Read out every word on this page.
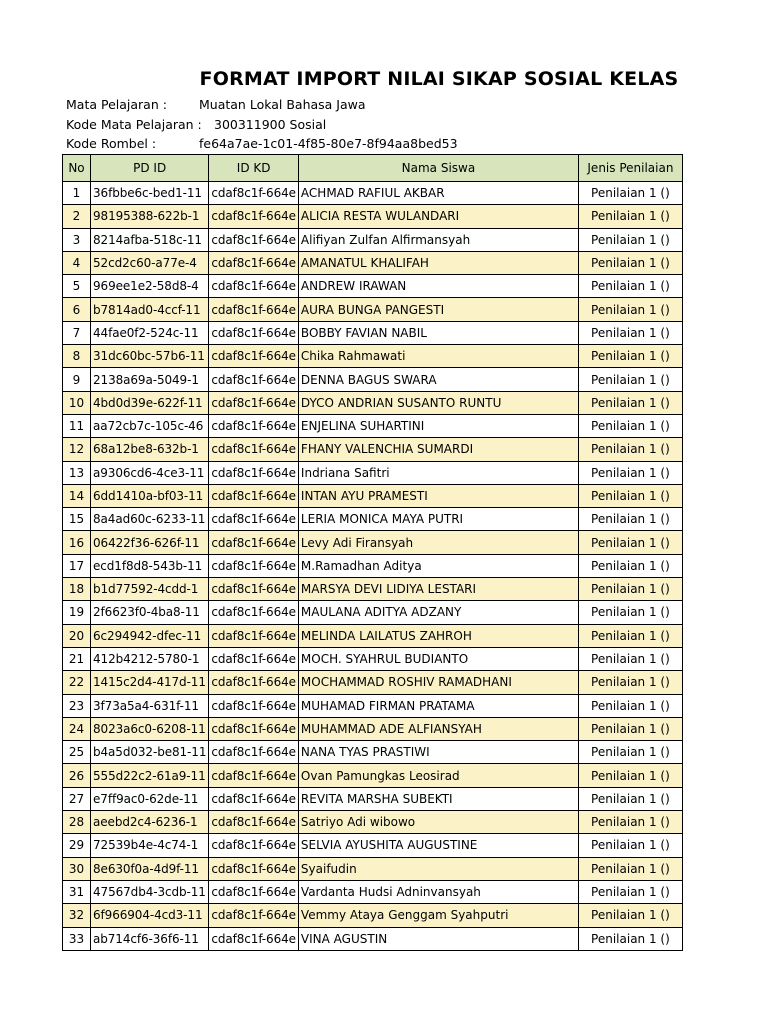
FORMAT IMPORT NILAI SIKAP SOSIAL KELAS
Mata Pelajaran :	Muatan Lokal Bahasa Jawa
Kode Mata Pelajaran : 300311900 Sosial
Kode Rombel :	fe64a7ae-1c01-4f85-80e7-8f94aa8bed53
No	PD ID	ID KD	Nama Siswa	Jenis Penilaian
1	36fbbe6c-bed1-11	cdaf8c1f-664e	ACHMAD RAFIUL AKBAR	Penilaian 1 ()
2	98195388-622b-1	cdaf8c1f-664e	ALICIA RESTA WULANDARI	Penilaian 1 ()
3	8214afba-518c-11	cdaf8c1f-664e	Alifiyan Zulfan Alfirmansyah	Penilaian 1 ()
4	52cd2c60-a77e-4	cdaf8c1f-664e	AMANATUL KHALIFAH	Penilaian 1 ()
5	969ee1e2-58d8-4	cdaf8c1f-664e	ANDREW IRAWAN	Penilaian 1 ()
6	b7814ad0-4ccf-11	cdaf8c1f-664e	AURA BUNGA PANGESTI	Penilaian 1 ()
7	44fae0f2-524c-11	cdaf8c1f-664e	BOBBY FAVIAN NABIL	Penilaian 1 ()
8	31dc60bc-57b6-11	cdaf8c1f-664e	Chika Rahmawati	Penilaian 1 ()
9	2138a69a-5049-1	cdaf8c1f-664e	DENNA BAGUS SWARA	Penilaian 1 ()
10	4bd0d39e-622f-11	cdaf8c1f-664e	DYCO ANDRIAN SUSANTO RUNTU	Penilaian 1 ()
11	aa72cb7c-105c-46	cdaf8c1f-664e	ENJELINA SUHARTINI	Penilaian 1 ()
12	68a12be8-632b-1	cdaf8c1f-664e	FHANY VALENCHIA SUMARDI	Penilaian 1 ()
13	a9306cd6-4ce3-11	cdaf8c1f-664e	Indriana Safitri	Penilaian 1 ()
14	6dd1410a-bf03-11	cdaf8c1f-664e	INTAN AYU PRAMESTI	Penilaian 1 ()
15	8a4ad60c-6233-11	cdaf8c1f-664e	LERIA MONICA MAYA PUTRI	Penilaian 1 ()
16	06422f36-626f-11	cdaf8c1f-664e	Levy Adi Firansyah	Penilaian 1 ()
17	ecd1f8d8-543b-11	cdaf8c1f-664e	M.Ramadhan Aditya	Penilaian 1 ()
18	b1d77592-4cdd-1	cdaf8c1f-664e	MARSYA DEVI LIDIYA LESTARI	Penilaian 1 ()
19	2f6623f0-4ba8-11	cdaf8c1f-664e	MAULANA ADITYA ADZANY	Penilaian 1 ()
20	6c294942-dfec-11	cdaf8c1f-664e	MELINDA LAILATUS ZAHROH	Penilaian 1 ()
21	412b4212-5780-1	cdaf8c1f-664e	MOCH. SYAHRUL BUDIANTO	Penilaian 1 ()
22	1415c2d4-417d-11	cdaf8c1f-664e	MOCHAMMAD ROSHIV RAMADHANI	Penilaian 1 ()
23	3f73a5a4-631f-11	cdaf8c1f-664e	MUHAMAD FIRMAN PRATAMA	Penilaian 1 ()
24	8023a6c0-6208-11	cdaf8c1f-664e	MUHAMMAD ADE ALFIANSYAH	Penilaian 1 ()
25	b4a5d032-be81-11	cdaf8c1f-664e	NANA TYAS PRASTIWI	Penilaian 1 ()
26	555d22c2-61a9-11	cdaf8c1f-664e	Ovan Pamungkas Leosirad	Penilaian 1 ()
27	e7ff9ac0-62de-11	cdaf8c1f-664e	REVITA MARSHA SUBEKTI	Penilaian 1 ()
28	aeebd2c4-6236-1	cdaf8c1f-664e	Satriyo Adi wibowo	Penilaian 1 ()
29	72539b4e-4c74-1	cdaf8c1f-664e	SELVIA AYUSHITA AUGUSTINE	Penilaian 1 ()
30	8e630f0a-4d9f-11	cdaf8c1f-664e	Syaifudin	Penilaian 1 ()
31	47567db4-3cdb-11	cdaf8c1f-664e	Vardanta Hudsi Adninvansyah	Penilaian 1 ()
32	6f966904-4cd3-11	cdaf8c1f-664e	Vemmy Ataya Genggam Syahputri	Penilaian 1 ()
33	ab714cf6-36f6-11	cdaf8c1f-664e	VINA AGUSTIN	Penilaian 1 ()
